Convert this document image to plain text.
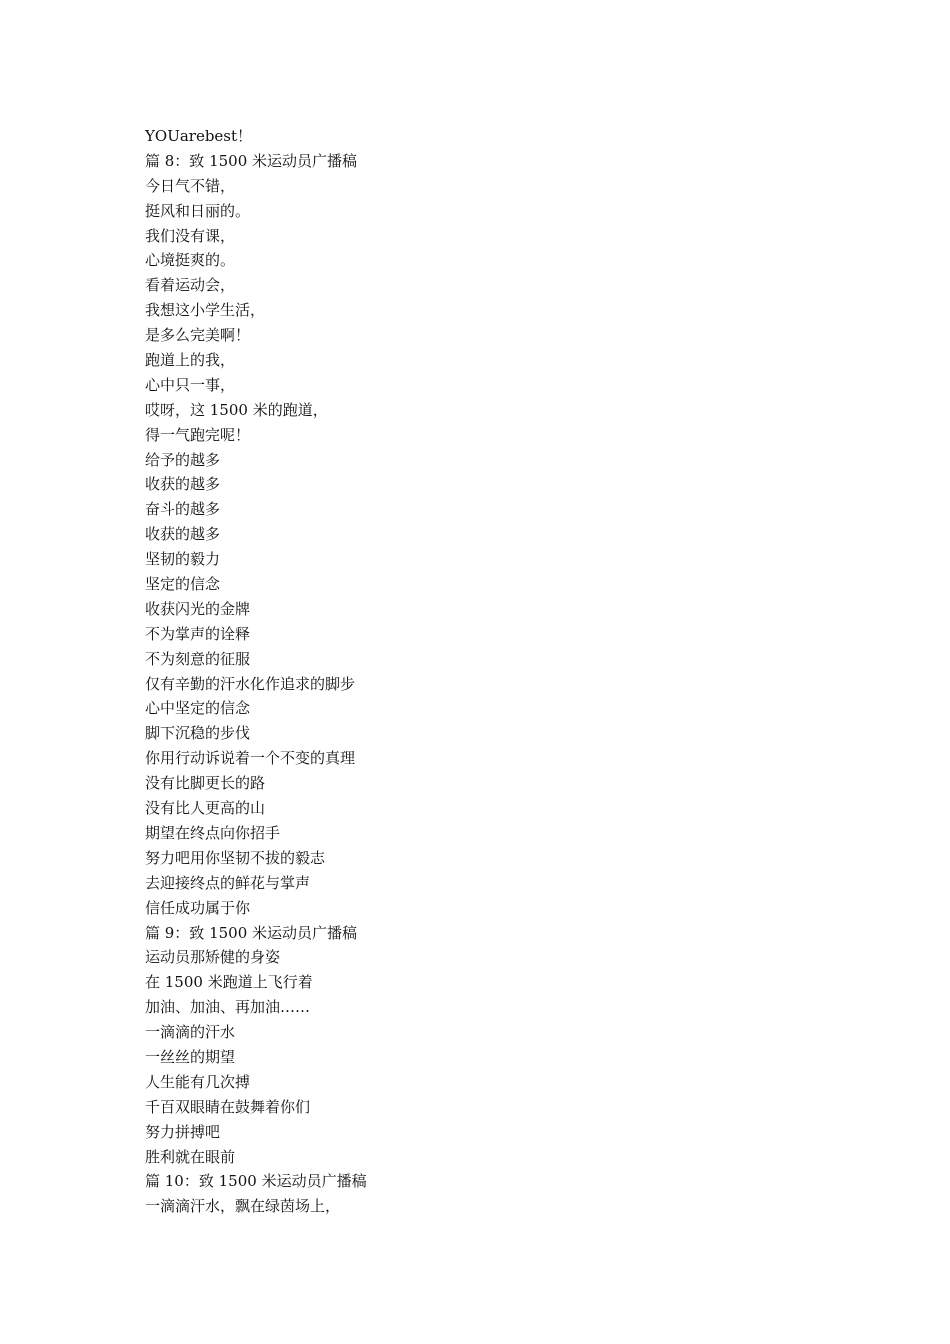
YOUarebest！
篇 8：致 1500 米运动员广播稿
今日气不错，
挺风和日丽的。
我们没有课，
心境挺爽的。
看着运动会，
我想这小学生活，
是多么完美啊！
跑道上的我，
心中只一事，
哎呀，这 1500 米的跑道，
得一气跑完呢！
给予的越多
收获的越多
奋斗的越多
收获的越多
坚韧的毅力
坚定的信念
收获闪光的金牌
不为掌声的诠释
不为刻意的征服
仅有辛勤的汗水化作追求的脚步
心中坚定的信念
脚下沉稳的步伐
你用行动诉说着一个不变的真理
没有比脚更长的路
没有比人更高的山
期望在终点向你招手
努力吧用你坚韧不拔的毅志
去迎接终点的鲜花与掌声
信任成功属于你
篇 9：致 1500 米运动员广播稿
运动员那矫健的身姿
在 1500 米跑道上飞行着
加油、加油、再加油……
一滴滴的汗水
一丝丝的期望
人生能有几次搏
千百双眼睛在鼓舞着你们
努力拼搏吧
胜利就在眼前
篇 10：致 1500 米运动员广播稿
一滴滴汗水，飘在绿茵场上，
